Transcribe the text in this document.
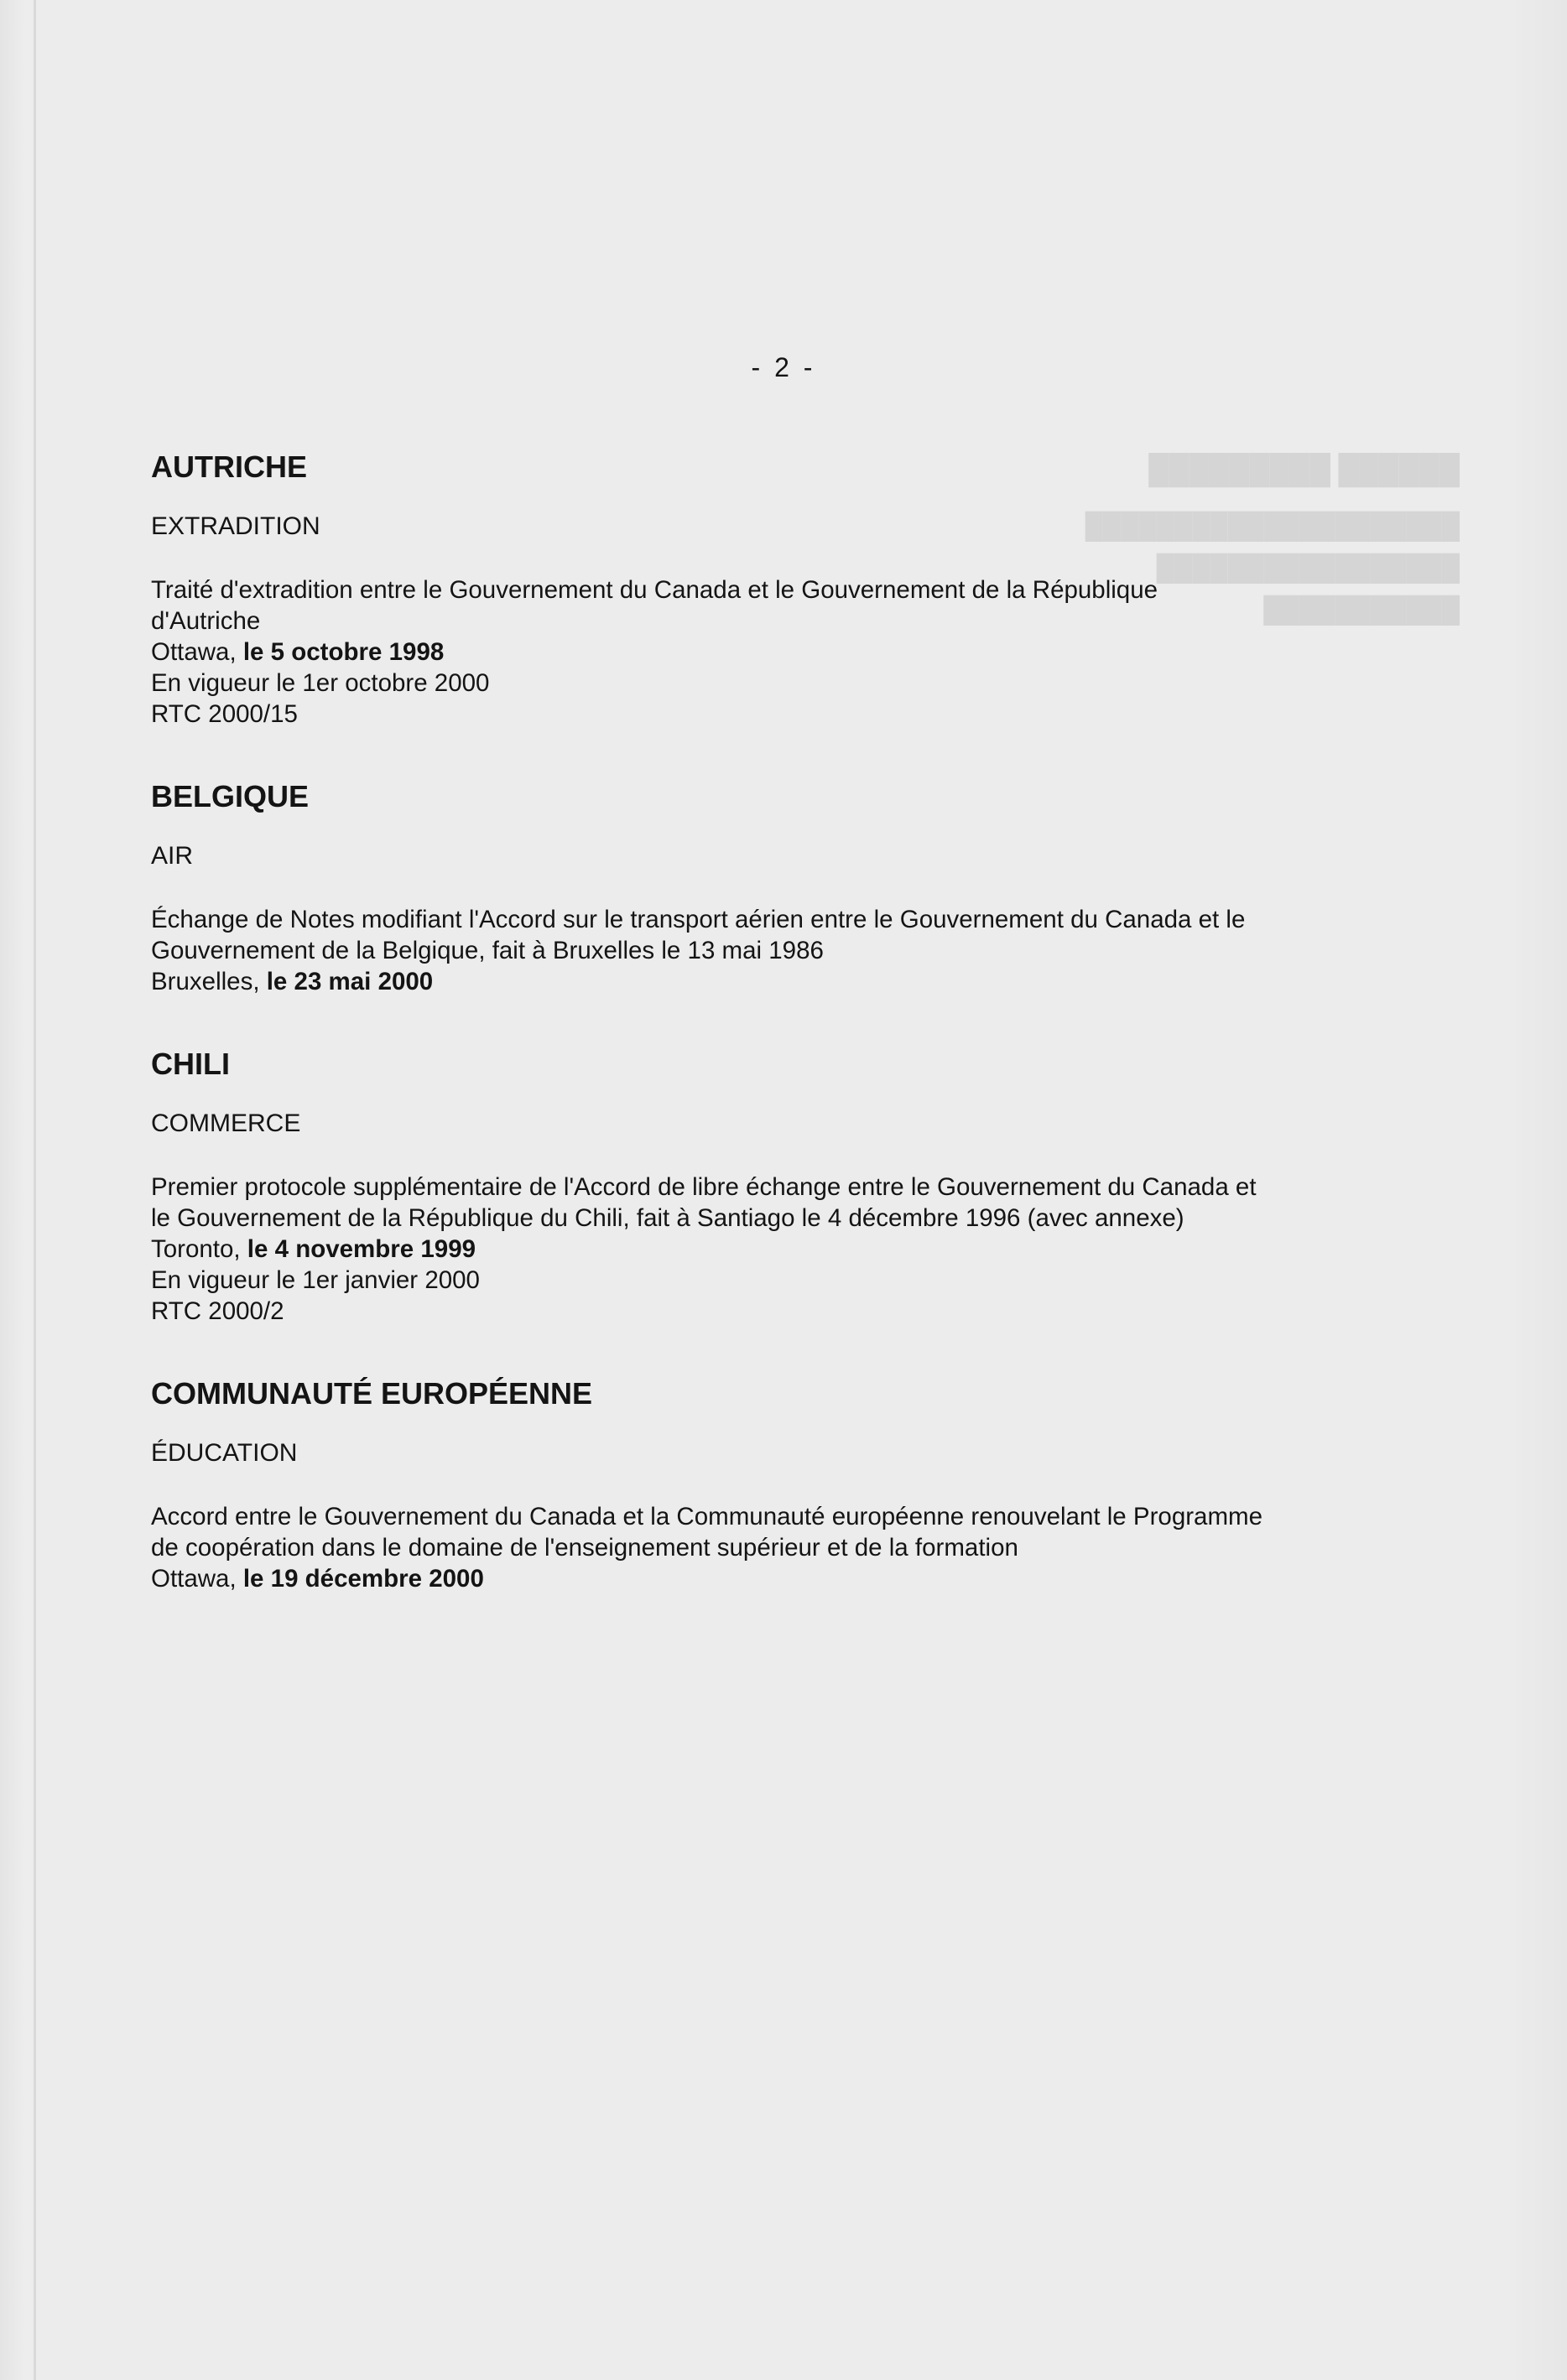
██████ █████████
█████████████████████
█████████████████
███████████
- 2 -
AUTRICHE
EXTRADITION
Traité d'extradition entre le Gouvernement du Canada et le Gouvernement de la République
d'Autriche
Ottawa, le 5 octobre 1998
En vigueur le 1er octobre 2000
RTC 2000/15
BELGIQUE
AIR
Échange de Notes modifiant l'Accord sur le transport aérien entre le Gouvernement du Canada et le
Gouvernement de la Belgique, fait à Bruxelles le 13 mai 1986
Bruxelles, le 23 mai 2000
CHILI
COMMERCE
Premier protocole supplémentaire de l'Accord de libre échange entre le Gouvernement du Canada et
le Gouvernement de la République du Chili, fait à Santiago le 4 décembre 1996 (avec annexe)
Toronto, le 4 novembre 1999
En vigueur le 1er janvier 2000
RTC 2000/2
COMMUNAUTÉ EUROPÉENNE
ÉDUCATION
Accord entre le Gouvernement du Canada et la Communauté européenne renouvelant le Programme
de coopération dans le domaine de l'enseignement supérieur et de la formation
Ottawa, le 19 décembre 2000
